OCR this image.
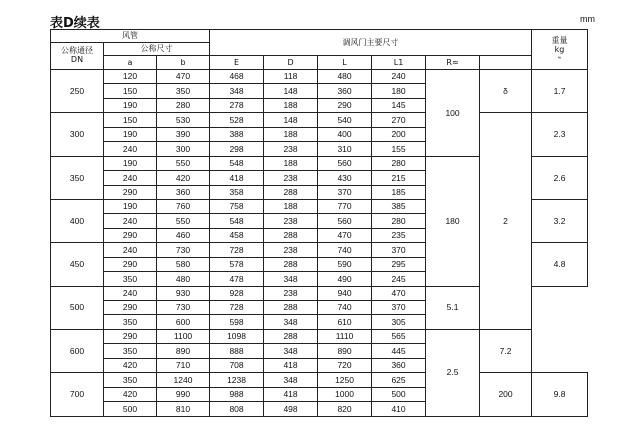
表D续表	mm
风管			调风门主要尺寸						重量
kg
≈

公称通径
DN	公称尺寸								
	a	b	E	D	L	L1	R≈		
250	120	470	468	118	480	240	100	δ	1.7
	150	350	348	148	360	180			
	190	280	278	188	290	145			
300	150	530	528	148	540	270		2	2.3
	190	390	388	188	400	200			
	240	300	298	238	310	155			
350	190	550	548	188	560	280	180		2.6
	240	420	418	238	430	215			
	290	360	358	288	370	185			
400	190	760	758	188	770	385			3.2
	240	550	548	238	560	280			
	290	460	458	288	470	235			
450	240	730	728	238	740	370			4.8
	290	580	578	288	590	295			
	350	480	478	348	490	245			
500	240	930	928	238	940	470	5.1		
	290	730	728	288	740	370			
	350	600	598	348	610	305			
600	290	1100	1098	288	1110	565	2.5	7.2	
	350	890	888	348	890	445			
	420	710	708	418	720	360			
700	350	1240	1238	348	1250	625		200	9.8
	420	990	988	418	1000	500			
	500	810	808	498	820	410			
